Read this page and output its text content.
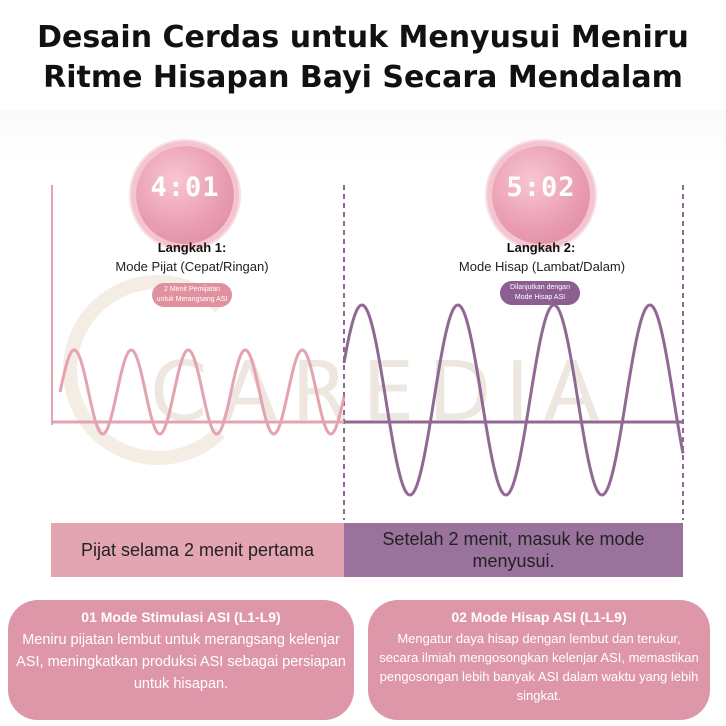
Desain Cerdas untuk Menyusui Meniru
Ritme Hisapan Bayi Secara Mendalam
CAREDIA
4:01
Langkah 1:
Mode Pijat (Cepat/Ringan)
2 Menit Pemijatan
untuk Merangsang ASI
5:02
Langkah 2:
Mode Hisap (Lambat/Dalam)
Dilanjutkan dengan
Mode Hisap ASI
Pijat selama 2 menit pertama
Setelah 2 menit, masuk ke mode menyusui.
01 Mode Stimulasi ASI (L1-L9)
Meniru pijatan lembut untuk merangsang kelenjar ASI, meningkatkan produksi ASI sebagai persiapan untuk hisapan.
02 Mode Hisap ASI (L1-L9)
Mengatur daya hisap dengan lembut dan terukur, secara ilmiah mengosongkan kelenjar ASI, memastikan pengosongan lebih banyak ASI dalam waktu yang lebih singkat.
